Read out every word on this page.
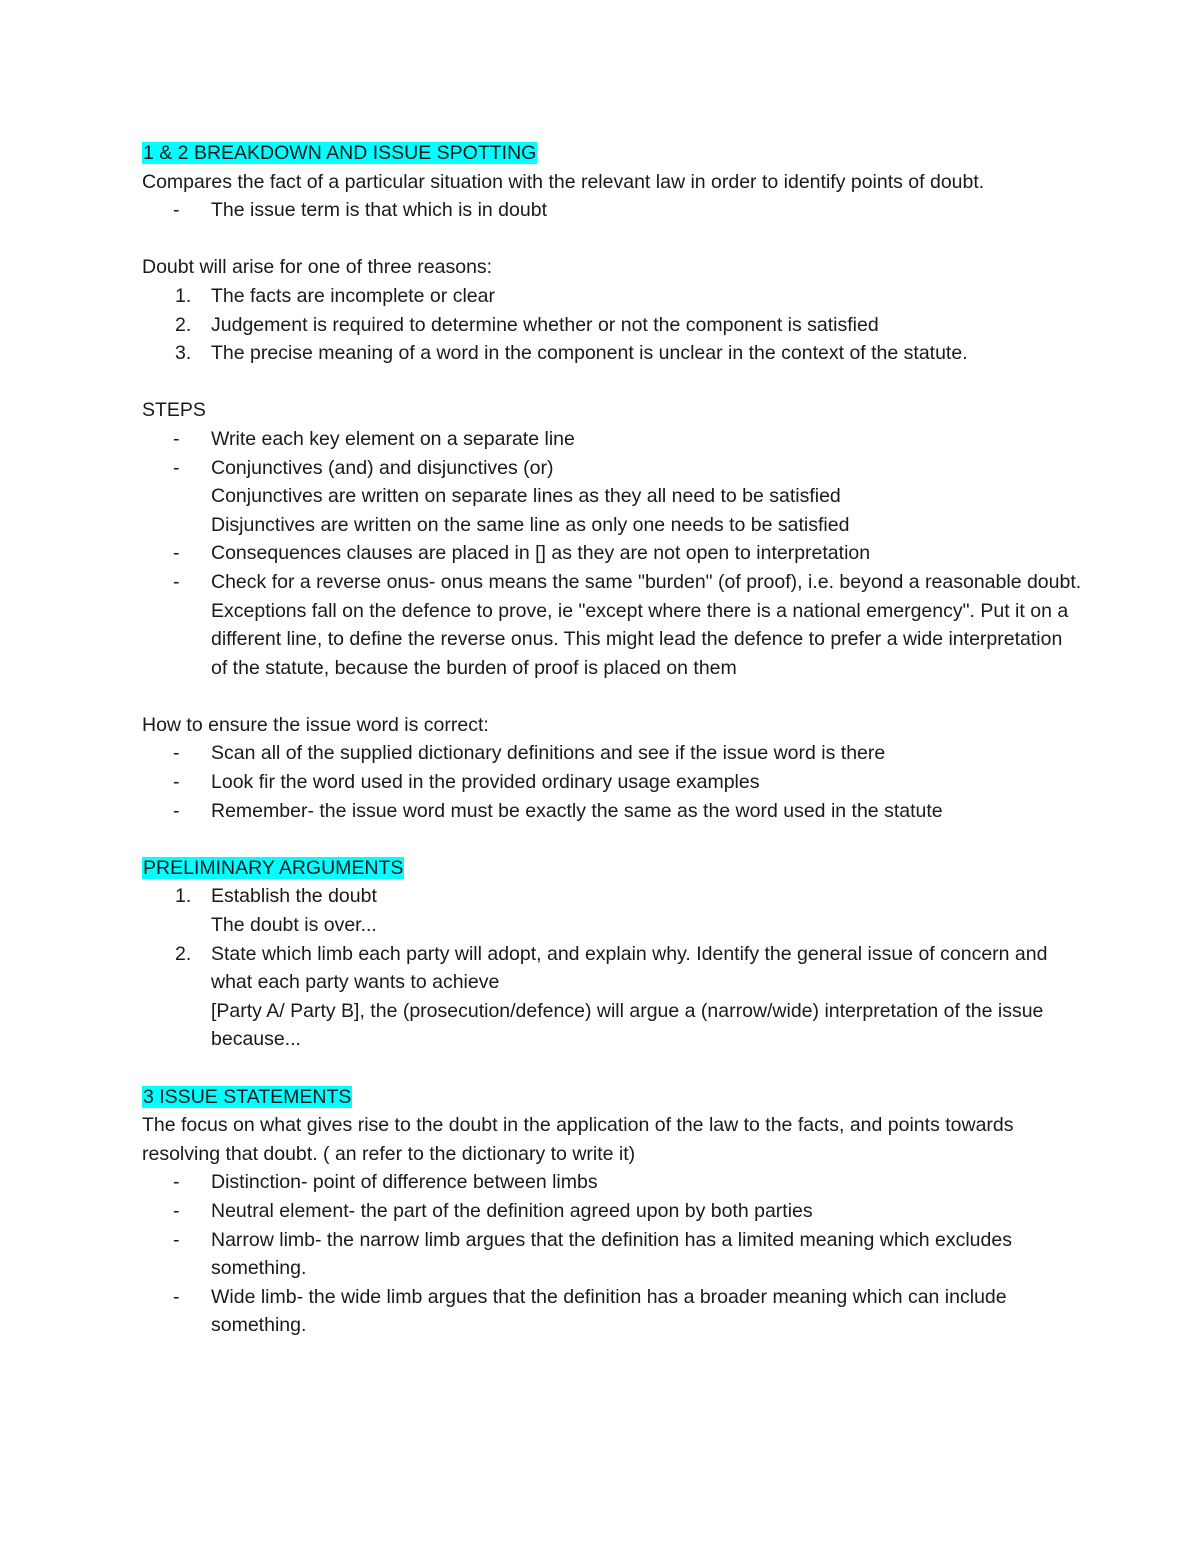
1 & 2 BREAKDOWN AND ISSUE SPOTTING
Compares the fact of a particular situation with the relevant law in order to identify points of doubt.
- The issue term is that which is in doubt
Doubt will arise for one of three reasons:
1. The facts are incomplete or clear
2. Judgement is required to determine whether or not the component is satisfied
3. The precise meaning of a word in the component is unclear in the context of the statute.
STEPS
- Write each key element on a separate line
- Conjunctives (and) and disjunctives (or)
Conjunctives are written on separate lines as they all need to be satisfied
Disjunctives are written on the same line as only one needs to be satisfied
- Consequences clauses are placed in [] as they are not open to interpretation
- Check for a reverse onus- onus means the same "burden" (of proof), i.e. beyond a reasonable doubt. Exceptions fall on the defence to prove, ie "except where there is a national emergency". Put it on a different line, to define the reverse onus. This might lead the defence to prefer a wide interpretation of the statute, because the burden of proof is placed on them
How to ensure the issue word is correct:
- Scan all of the supplied dictionary definitions and see if the issue word is there
- Look fir the word used in the provided ordinary usage examples
- Remember- the issue word must be exactly the same as the word used in the statute
PRELIMINARY ARGUMENTS
1. Establish the doubt
The doubt is over...
2. State which limb each party will adopt, and explain why. Identify the general issue of concern and what each party wants to achieve
[Party A/ Party B], the (prosecution/defence) will argue a (narrow/wide) interpretation of the issue because...
3 ISSUE STATEMENTS
The focus on what gives rise to the doubt in the application of the law to the facts, and points towards resolving that doubt. ( an refer to the dictionary to write it)
- Distinction- point of difference between limbs
- Neutral element- the part of the definition agreed upon by both parties
- Narrow limb- the narrow limb argues that the definition has a limited meaning which excludes something.
- Wide limb- the wide limb argues that the definition has a broader meaning which can include something.
